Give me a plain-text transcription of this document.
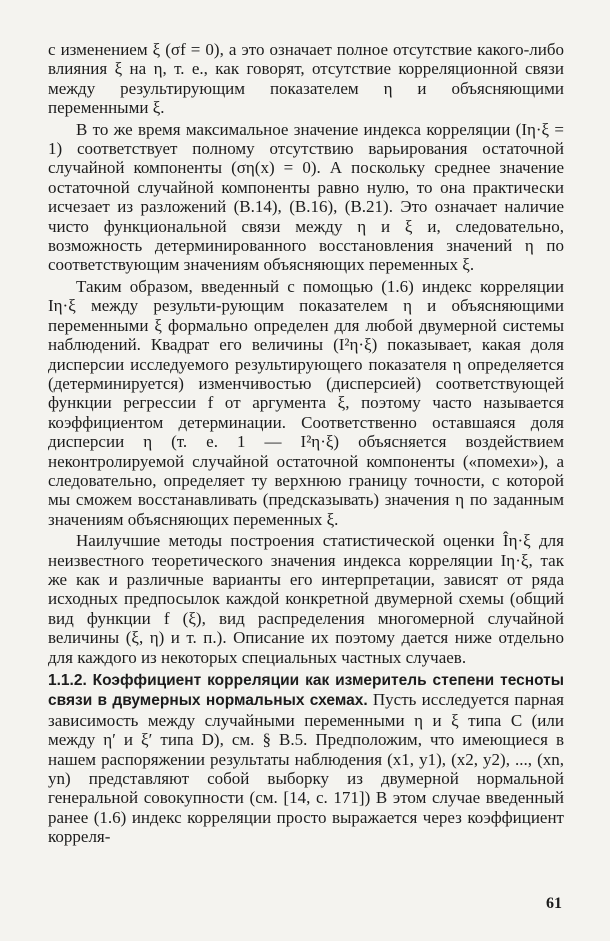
с изменением ξ (σf = 0), а это означает полное отсутствие какого-либо влияния ξ на η, т. е., как говорят, отсутствие корреляционной связи между результирующим показателем η и объясняющими переменными ξ.

В то же время максимальное значение индекса корреляции (Iη·ξ = 1) соответствует полному отсутствию варьирования остаточной случайной компоненты (ση(x) = 0). А поскольку среднее значение остаточной случайной компоненты равно нулю, то она практически исчезает из разложений (В.14), (В.16), (В.21). Это означает наличие чисто функциональной связи между η и ξ и, следовательно, возможность детерминированного восстановления значений η по соответствующим значениям объясняющих переменных ξ.

Таким образом, введенный с помощью (1.6) индекс корреляции Iη·ξ между результи-рующим показателем η и объясняющими переменными ξ формально определен для любой двумерной системы наблюдений. Квадрат его величины (I²η·ξ) показывает, какая доля дисперсии исследуемого результирующего показателя η определяется (детерминируется) изменчивостью (дисперсией) соответствующей функции регрессии f от аргумента ξ, поэтому часто называется коэффициентом детерминации. Соответственно оставшаяся доля дисперсии η (т. е. 1 — I²η·ξ) объясняется воздействием неконтролируемой случайной остаточной компоненты («помехи»), а следовательно, определяет ту верхнюю границу точности, с которой мы сможем восстанавливать (предсказывать) значения η по заданным значениям объясняющих переменных ξ.

Наилучшие методы построения статистической оценки Îη·ξ для неизвестного теоретического значения индекса корреляции Iη·ξ, так же как и различные варианты его интерпретации, зависят от ряда исходных предпосылок каждой конкретной двумерной схемы (общий вид функции f (ξ), вид распределения многомерной случайной величины (ξ, η) и т. п.). Описание их поэтому дается ниже отдельно для каждого из некоторых специальных частных случаев.

1.1.2. Коэффициент корреляции как измеритель степени тесноты связи в двумерных нормальных схемах. Пусть исследуется парная зависимость между случайными переменными η и ξ типа C (или между η′ и ξ′ типа D), см. § В.5. Предположим, что имеющиеся в нашем распоряжении результаты наблюдения (x1, y1), (x2, y2), ..., (xn, yn) представляют собой выборку из двумерной нормальной генеральной совокупности (см. [14, с. 171]) В этом случае введенный ранее (1.6) индекс корреляции просто выражается через коэффициент корреля-

61
